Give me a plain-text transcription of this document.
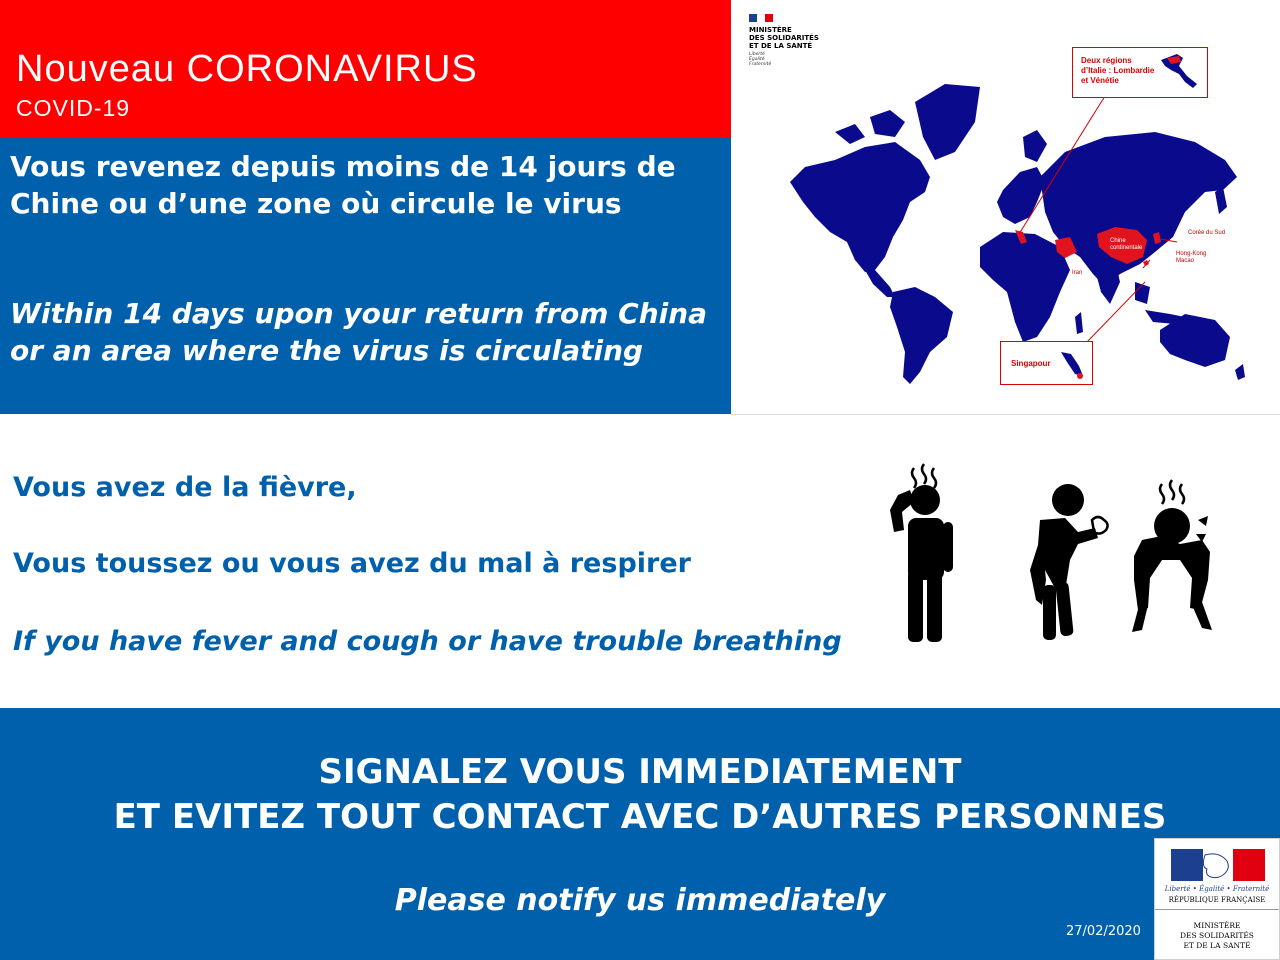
Nouveau CORONAVIRUS
COVID-19
Vous revenez depuis moins de 14 jours de Chine ou d’une zone où circule le virus
Within 14 days upon your return from China or an area where the virus is circulating
MINISTÈRE
DES SOLIDARITÉS
ET DE LA SANTÉ
Liberté
Égalité
Fraternité	Deux régions
d’Italie : Lombardie
et Vénétie
Singapour
Chine
continentale
Corée du Sud
Hong-Kong
Macao
Iran
Vous avez de la fièvre,
Vous toussez ou vous avez du mal à respirer
If you have fever and cough or have trouble breathing
SIGNALEZ VOUS IMMEDIATEMENT
ET EVITEZ TOUT CONTACT AVEC D’AUTRES PERSONNES
Please notify us immediately
27/02/2020
Liberté • Égalité • Fraternité
RÉPUBLIQUE FRANÇAISE
MINISTÈRE
DES SOLIDARITÉS
ET DE LA SANTÉ
